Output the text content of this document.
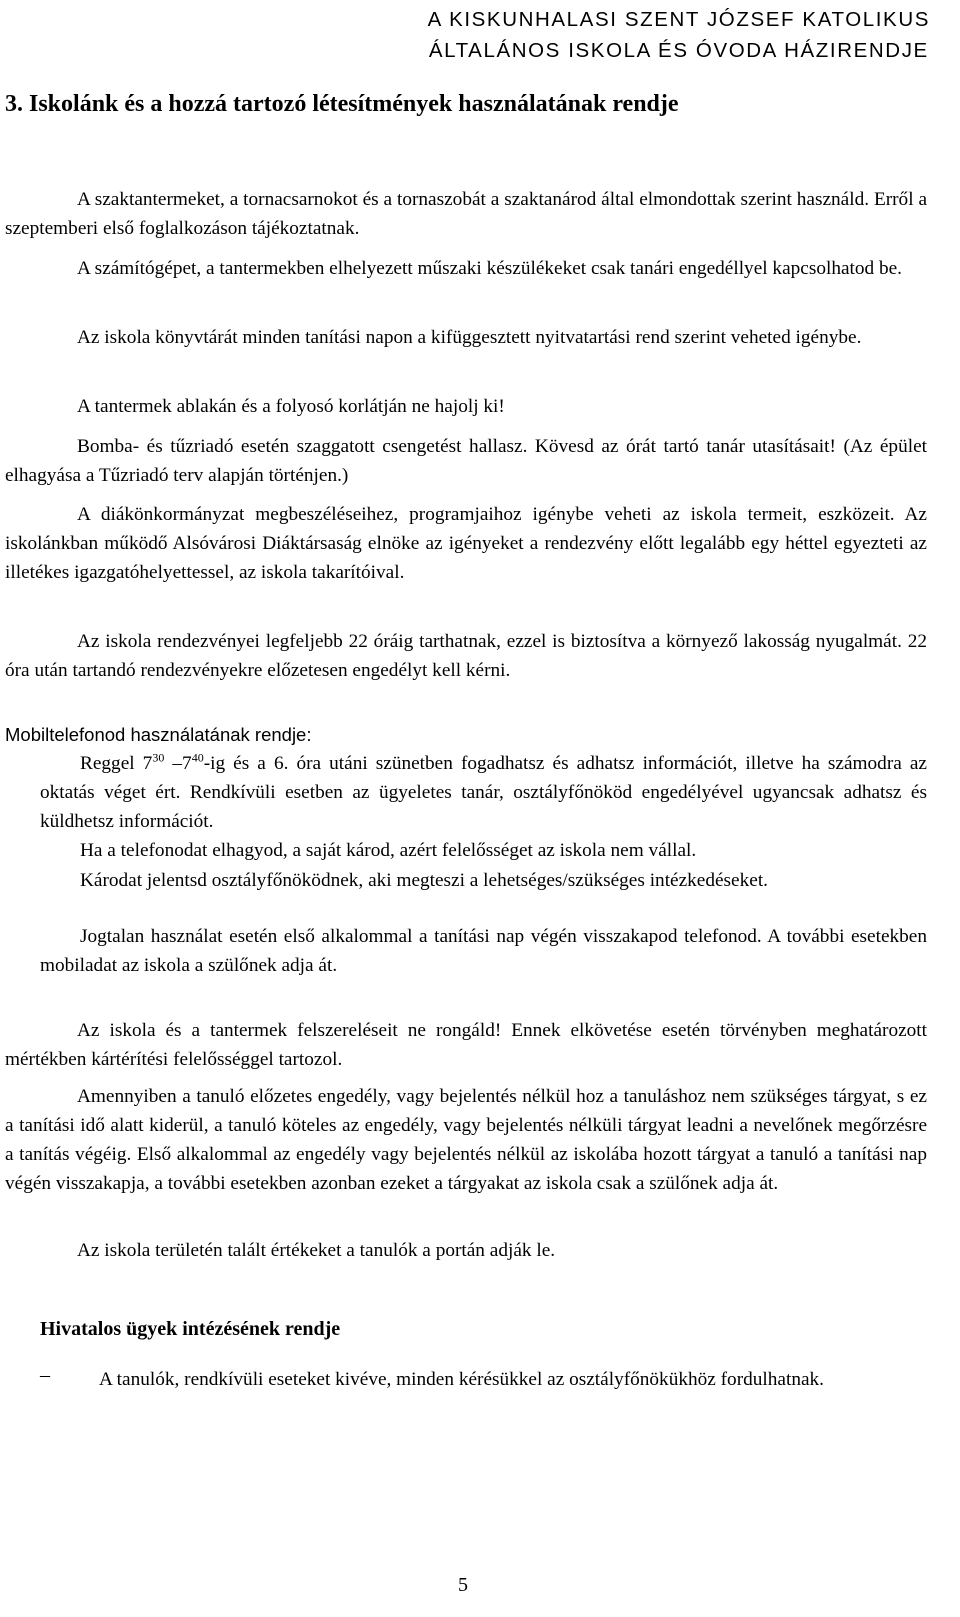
A KISKUNHALASI SZENT JÓZSEF KATOLIKUS
ÁLTALÁNOS ISKOLA ÉS ÓVODA HÁZIRENDJE
3. Iskolánk és a hozzá tartozó létesítmények használatának rendje

A szaktantermeket, a tornacsarnokot és a tornaszobát a szaktanárod által elmondottak szerint használd. Erről a szeptemberi első foglalkozáson tájékoztatnak.

A számítógépet, a tantermekben elhelyezett műszaki készülékeket csak tanári engedéllyel kapcsolhatod be.

Az iskola könyvtárát minden tanítási napon a kifüggesztett nyitvatartási rend szerint veheted igénybe.

A tantermek ablakán és a folyosó korlátján ne hajolj ki!

Bomba- és tűzriadó esetén szaggatott csengetést hallasz. Kövesd az órát tartó tanár utasításait! (Az épület elhagyása a Tűzriadó terv alapján történjen.)

A diákönkormányzat megbeszéléseihez, programjaihoz igénybe veheti az iskola termeit, eszközeit. Az iskolánkban működő Alsóvárosi Diáktársaság elnöke az igényeket a rendezvény előtt legalább egy héttel egyezteti az illetékes igazgatóhelyettessel, az iskola takarítóival.

Az iskola rendezvényei legfeljebb 22 óráig tarthatnak, ezzel is biztosítva a környező lakosság nyugalmát. 22 óra után tartandó rendezvényekre előzetesen engedélyt kell kérni.

Mobiltelefonod használatának rendje:

Reggel $7^{30}$ $-7^{40}-ig$ és a 6. óra utáni szünetben fogadhatsz és adhatsz információt, illetve ha számodra az oktatás véget ért. Rendkívüli esetben az ügyeletes tanár, osztályfőnököd engedélyével ugyancsak adhatsz és küldhetsz információt.

Ha a telefonodat elhagyod, a saját károd, azért felelősséget az iskola nem vállal.

Károdat jelentsd osztályfőnöködnek, aki megteszi a lehetséges/szükséges intézkedéseket.

Jogtalan használat esetén első alkalommal a tanítási nap végén visszakapod telefonod. A további esetekben mobiladat az iskola a szülőnek adja át.

Az iskola és a tantermek felszereléseit ne rongáld! Ennek elkövetése esetén törvényben meghatározott mértékben kártérítési felelősséggel tartozol.

Amennyiben a tanuló előzetes engedély, vagy bejelentés nélkül hoz a tanuláshoz nem szükséges tárgyat, s ez a tanítási idő alatt kiderül, a tanuló köteles az engedély, vagy bejelentés nélküli tárgyat leadni a nevelőnek megőrzésre a tanítás végéig. Első alkalommal az engedély vagy bejelentés nélkül az iskolába hozott tárgyat a tanuló a tanítási nap végén visszakapja, a további esetekben azonban ezeket a tárgyakat az iskola csak a szülőnek adja át.

Az iskola területén talált értékeket a tanulók a portán adják le.

Hivatalos ügyek intézésének rendje
–	A tanulók, rendkívüli eseteket kivéve, minden kérésükkel az osztályfőnökükhöz fordulhatnak.

5
